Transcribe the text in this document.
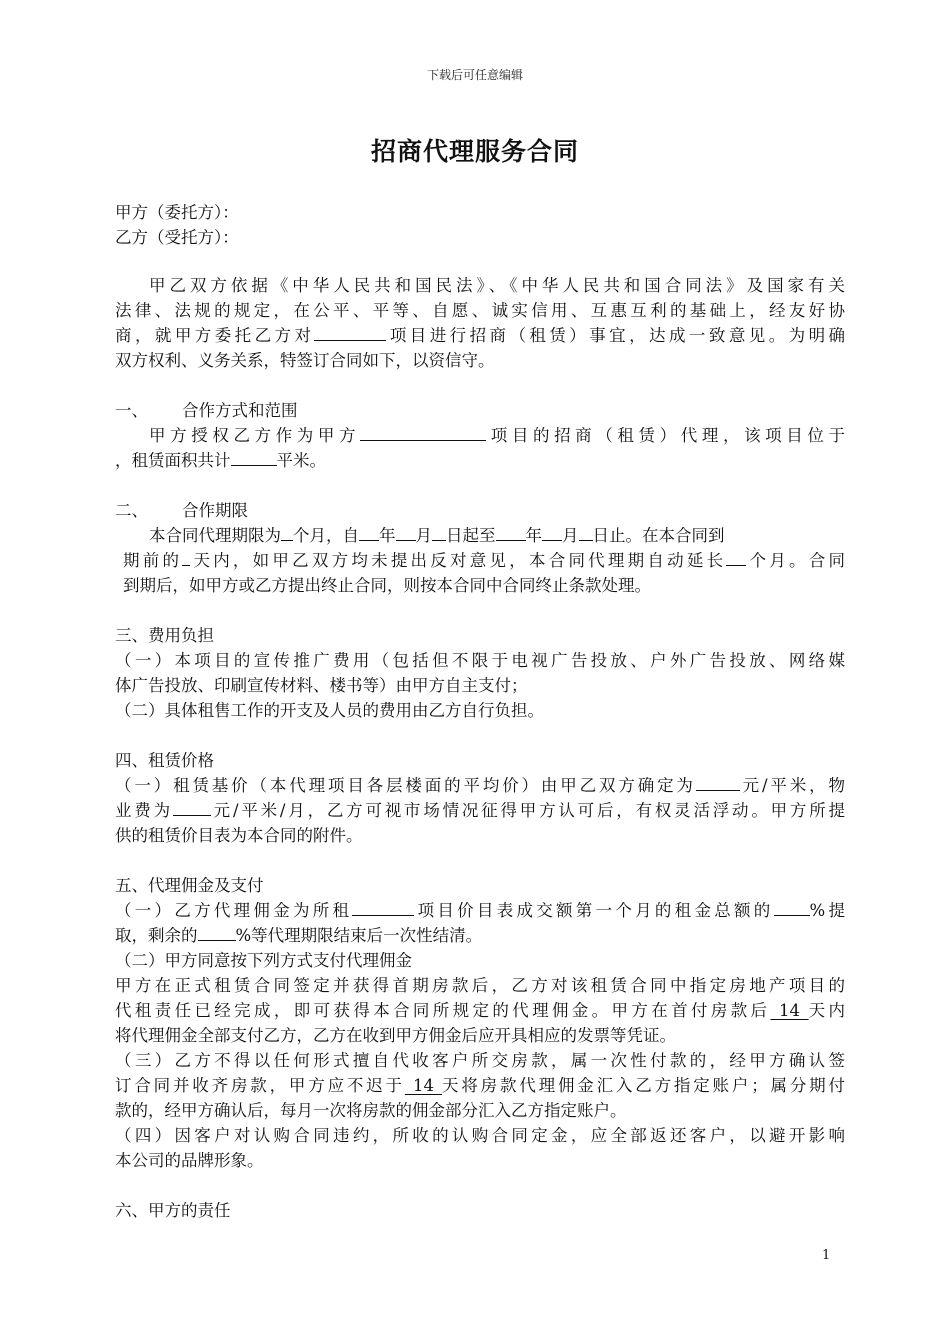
下载后可任意编辑
招商代理服务合同
甲方（委托方）：
乙方（受托方）：
甲乙双方依据《中华人民共和国民法》、《中华人民共和国合同法》及国家有关
法律、法规的规定，在公平、平等、自愿、诚实信用、互惠互利的基础上，经友好协
商，就甲方委托乙方对	项目进行招商（租赁）事宜，达成一致意见。为明确
双方权利、义务关系，特签订合同如下，以资信守。
一、 合作方式和范围
甲方授权乙方作为甲方	项目的招商（租赁）代理，该项目位于
，租赁面积共计	平米。
二、 合作期限
本合同代理期限为 个月，自 年 月 日起至 年 月 日止。在本合同到
期前的 天内，如甲乙双方均未提出反对意见，本合同代理期自动延长 个月。合同
到期后，如甲方或乙方提出终止合同，则按本合同中合同终止条款处理。
三、费用负担
（一）本项目的宣传推广费用（包括但不限于电视广告投放、户外广告投放、网络媒
体广告投放、印刷宣传材料、楼书等）由甲方自主支付；
（二）具体租售工作的开支及人员的费用由乙方自行负担。
四、租赁价格
（一）租赁基价（本代理项目各层楼面的平均价）由甲乙双方确定为	元/平米，物
业费为 元/平米/月，乙方可视市场情况征得甲方认可后，有权灵活浮动。甲方所提
供的租赁价目表为本合同的附件。
五、代理佣金及支付
（一）乙方代理佣金为所租	项目价目表成交额第一个月的租金总额的 %提
取，剩余的 %等代理期限结束后一次性结清。
（二）甲方同意按下列方式支付代理佣金
甲方在正式租赁合同签定并获得首期房款后，乙方对该租赁合同中指定房地产项目的
代租责任已经完成，即可获得本合同所规定的代理佣金。甲方在首付房款后 14 天内
将代理佣金全部支付乙方，乙方在收到甲方佣金后应开具相应的发票等凭证。
（三）乙方不得以任何形式擅自代收客户所交房款，属一次性付款的，经甲方确认签
订合同并收齐房款，甲方应不迟于 14 天将房款代理佣金汇入乙方指定账户；属分期付
款的，经甲方确认后，每月一次将房款的佣金部分汇入乙方指定账户。
（四）因客户对认购合同违约，所收的认购合同定金，应全部返还客户，以避开影响
本公司的品牌形象。
六、甲方的责任
1
